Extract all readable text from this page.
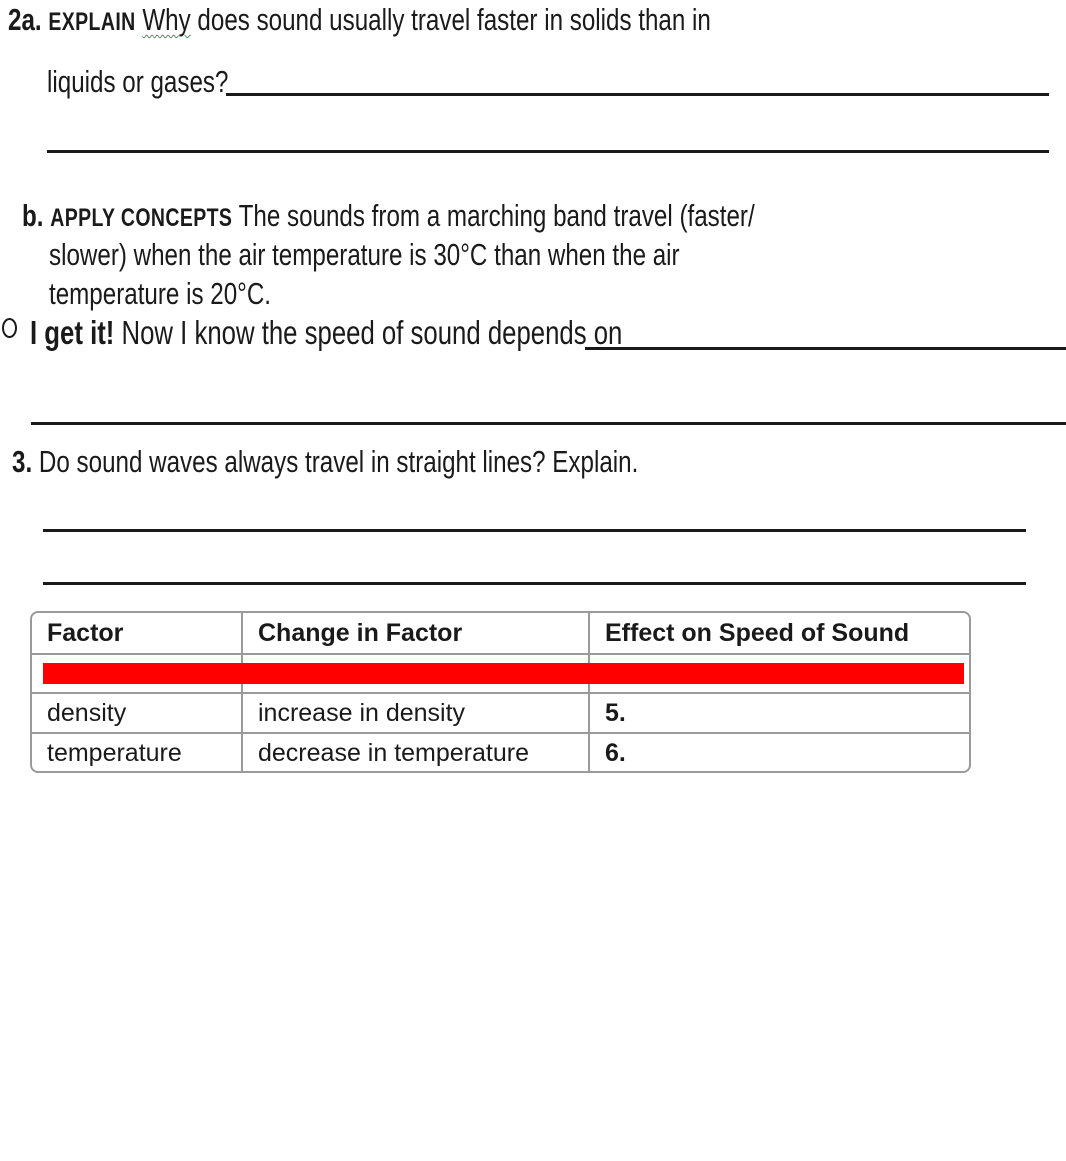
2a. EXPLAIN Why does sound usually travel faster in solids than in
liquids or gases?
b. APPLY CONCEPTS The sounds from a marching band travel (faster/
slower) when the air temperature is 30°C than when the air
temperature is 20°C.
I get it! Now I know the speed of sound depends on
3. Do sound waves always travel in straight lines? Explain.
Factor	Change in Factor	Effect on Speed of Sound

density	increase in density	5.
temperature	decrease in temperature	6.
